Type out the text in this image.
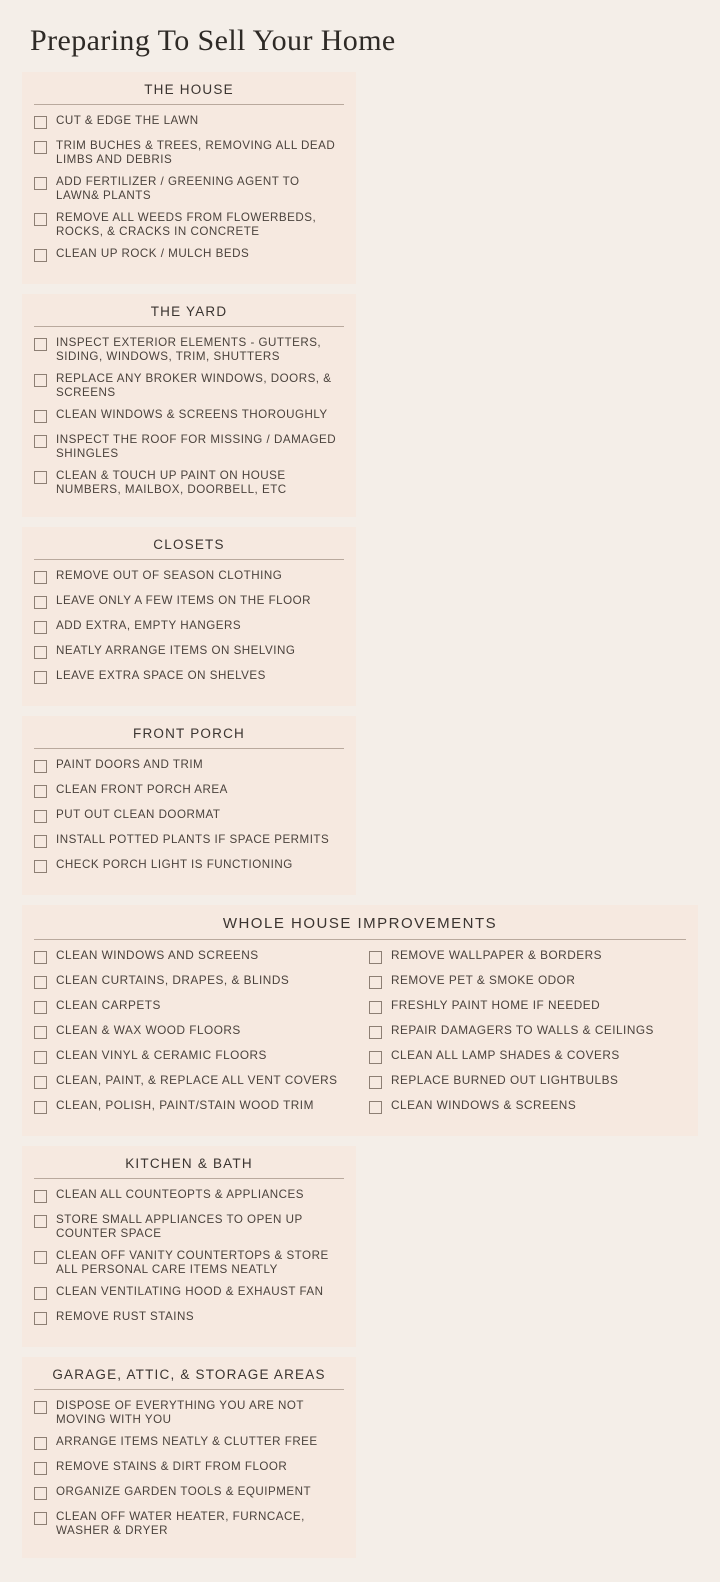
Preparing To Sell Your Home
THE HOUSE
CUT & EDGE THE LAWN
TRIM BUCHES & TREES, REMOVING ALL DEAD LIMBS AND DEBRIS
ADD FERTILIZER / GREENING AGENT TO LAWN& PLANTS
REMOVE ALL WEEDS FROM FLOWERBEDS, ROCKS, & CRACKS IN CONCRETE
CLEAN UP ROCK / MULCH BEDS
THE YARD
INSPECT EXTERIOR ELEMENTS - GUTTERS, SIDING, WINDOWS, TRIM, SHUTTERS
REPLACE ANY BROKER WINDOWS, DOORS, & SCREENS
CLEAN WINDOWS & SCREENS THOROUGHLY
INSPECT THE ROOF FOR MISSING / DAMAGED SHINGLES
CLEAN & TOUCH UP PAINT ON HOUSE NUMBERS, MAILBOX, DOORBELL, ETC
CLOSETS
REMOVE OUT OF SEASON CLOTHING
LEAVE ONLY A FEW ITEMS ON THE FLOOR
ADD EXTRA, EMPTY HANGERS
NEATLY ARRANGE ITEMS ON SHELVING
LEAVE EXTRA SPACE ON SHELVES
FRONT PORCH
PAINT DOORS AND TRIM
CLEAN FRONT PORCH AREA
PUT OUT CLEAN DOORMAT
INSTALL POTTED PLANTS IF SPACE PERMITS
CHECK PORCH LIGHT IS FUNCTIONING
WHOLE HOUSE IMPROVEMENTS
CLEAN WINDOWS AND SCREENS	REMOVE WALLPAPER & BORDERS
CLEAN CURTAINS, DRAPES, & BLINDS	REMOVE PET & SMOKE ODOR
CLEAN CARPETS	FRESHLY PAINT HOME IF NEEDED
CLEAN & WAX WOOD FLOORS	REPAIR DAMAGERS TO WALLS & CEILINGS
CLEAN VINYL & CERAMIC FLOORS	CLEAN ALL LAMP SHADES & COVERS
CLEAN, PAINT, & REPLACE ALL VENT COVERS	REPLACE BURNED OUT LIGHTBULBS
CLEAN, POLISH, PAINT/STAIN WOOD TRIM	CLEAN WINDOWS & SCREENS
KITCHEN & BATH
CLEAN ALL COUNTEOPTS & APPLIANCES
STORE SMALL APPLIANCES TO OPEN UP COUNTER SPACE
CLEAN OFF VANITY COUNTERTOPS & STORE ALL PERSONAL CARE ITEMS NEATLY
CLEAN VENTILATING HOOD & EXHAUST FAN
REMOVE RUST STAINS
GARAGE, ATTIC, & STORAGE AREAS
DISPOSE OF EVERYTHING YOU ARE NOT MOVING WITH YOU
ARRANGE ITEMS NEATLY & CLUTTER FREE
REMOVE STAINS & DIRT FROM FLOOR
ORGANIZE GARDEN TOOLS & EQUIPMENT
CLEAN OFF WATER HEATER, FURNCACE, WASHER & DRYER
